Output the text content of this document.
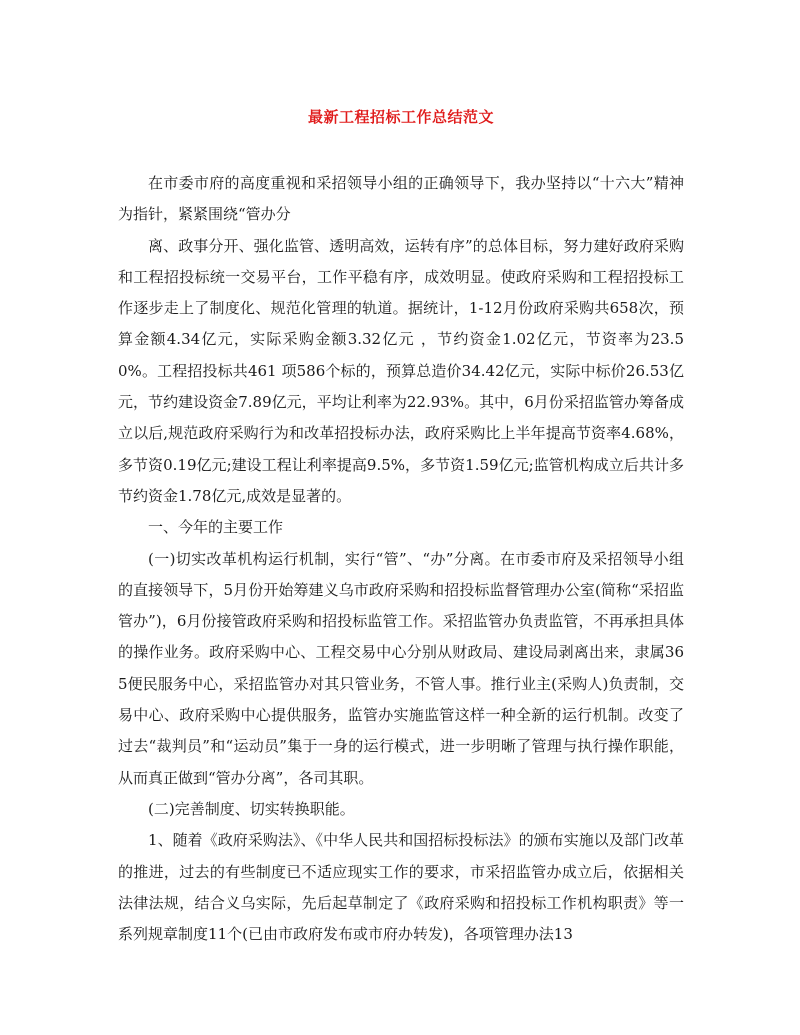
最新工程招标工作总结范文

在市委市府的高度重视和采招领导小组的正确领导下，我办坚持以“十六大”精神为指针，紧紧围绕“管办分

离、政事分开、强化监管、透明高效，运转有序”的总体目标，努力建好政府采购和工程招投标统一交易平台，工作平稳有序，成效明显。使政府采购和工程招投标工作逐步走上了制度化、规范化管理的轨道。据统计，1-12月份政府采购共658次，预算金额4.34亿元，实际采购金额3.32亿元 ，节约资金1.02亿元，节资率为23.50%。工程招投标共461 项586个标的，预算总造价34.42亿元，实际中标价26.53亿元，节约建设资金7.89亿元，平均让利率为22.93%。其中，6月份采招监管办筹备成立以后,规范政府采购行为和改革招投标办法，政府采购比上半年提高节资率4.68%，多节资0.19亿元;建设工程让利率提高9.5%，多节资1.59亿元;监管机构成立后共计多节约资金1.78亿元,成效是显著的。

一、今年的主要工作

(一)切实改革机构运行机制，实行“管”、“办”分离。在市委市府及采招领导小组的直接领导下，5月份开始筹建义乌市政府采购和招投标监督管理办公室(简称“采招监管办”)，6月份接管政府采购和招投标监管工作。采招监管办负责监管，不再承担具体的操作业务。政府采购中心、工程交易中心分别从财政局、建设局剥离出来，隶属365便民服务中心，采招监管办对其只管业务，不管人事。推行业主(采购人)负责制，交易中心、政府采购中心提供服务，监管办实施监管这样一种全新的运行机制。改变了过去“裁判员”和“运动员”集于一身的运行模式，进一步明晰了管理与执行操作职能，从而真正做到“管办分离”，各司其职。

(二)完善制度、切实转换职能。

1、随着《政府采购法》、《中华人民共和国招标投标法》的颁布实施以及部门改革的推进，过去的有些制度已不适应现实工作的要求，市采招监管办成立后，依据相关法律法规，结合义乌实际，先后起草制定了《政府采购和招投标工作机构职责》等一系列规章制度11个(已由市政府发布或市府办转发)，各项管理办法13
